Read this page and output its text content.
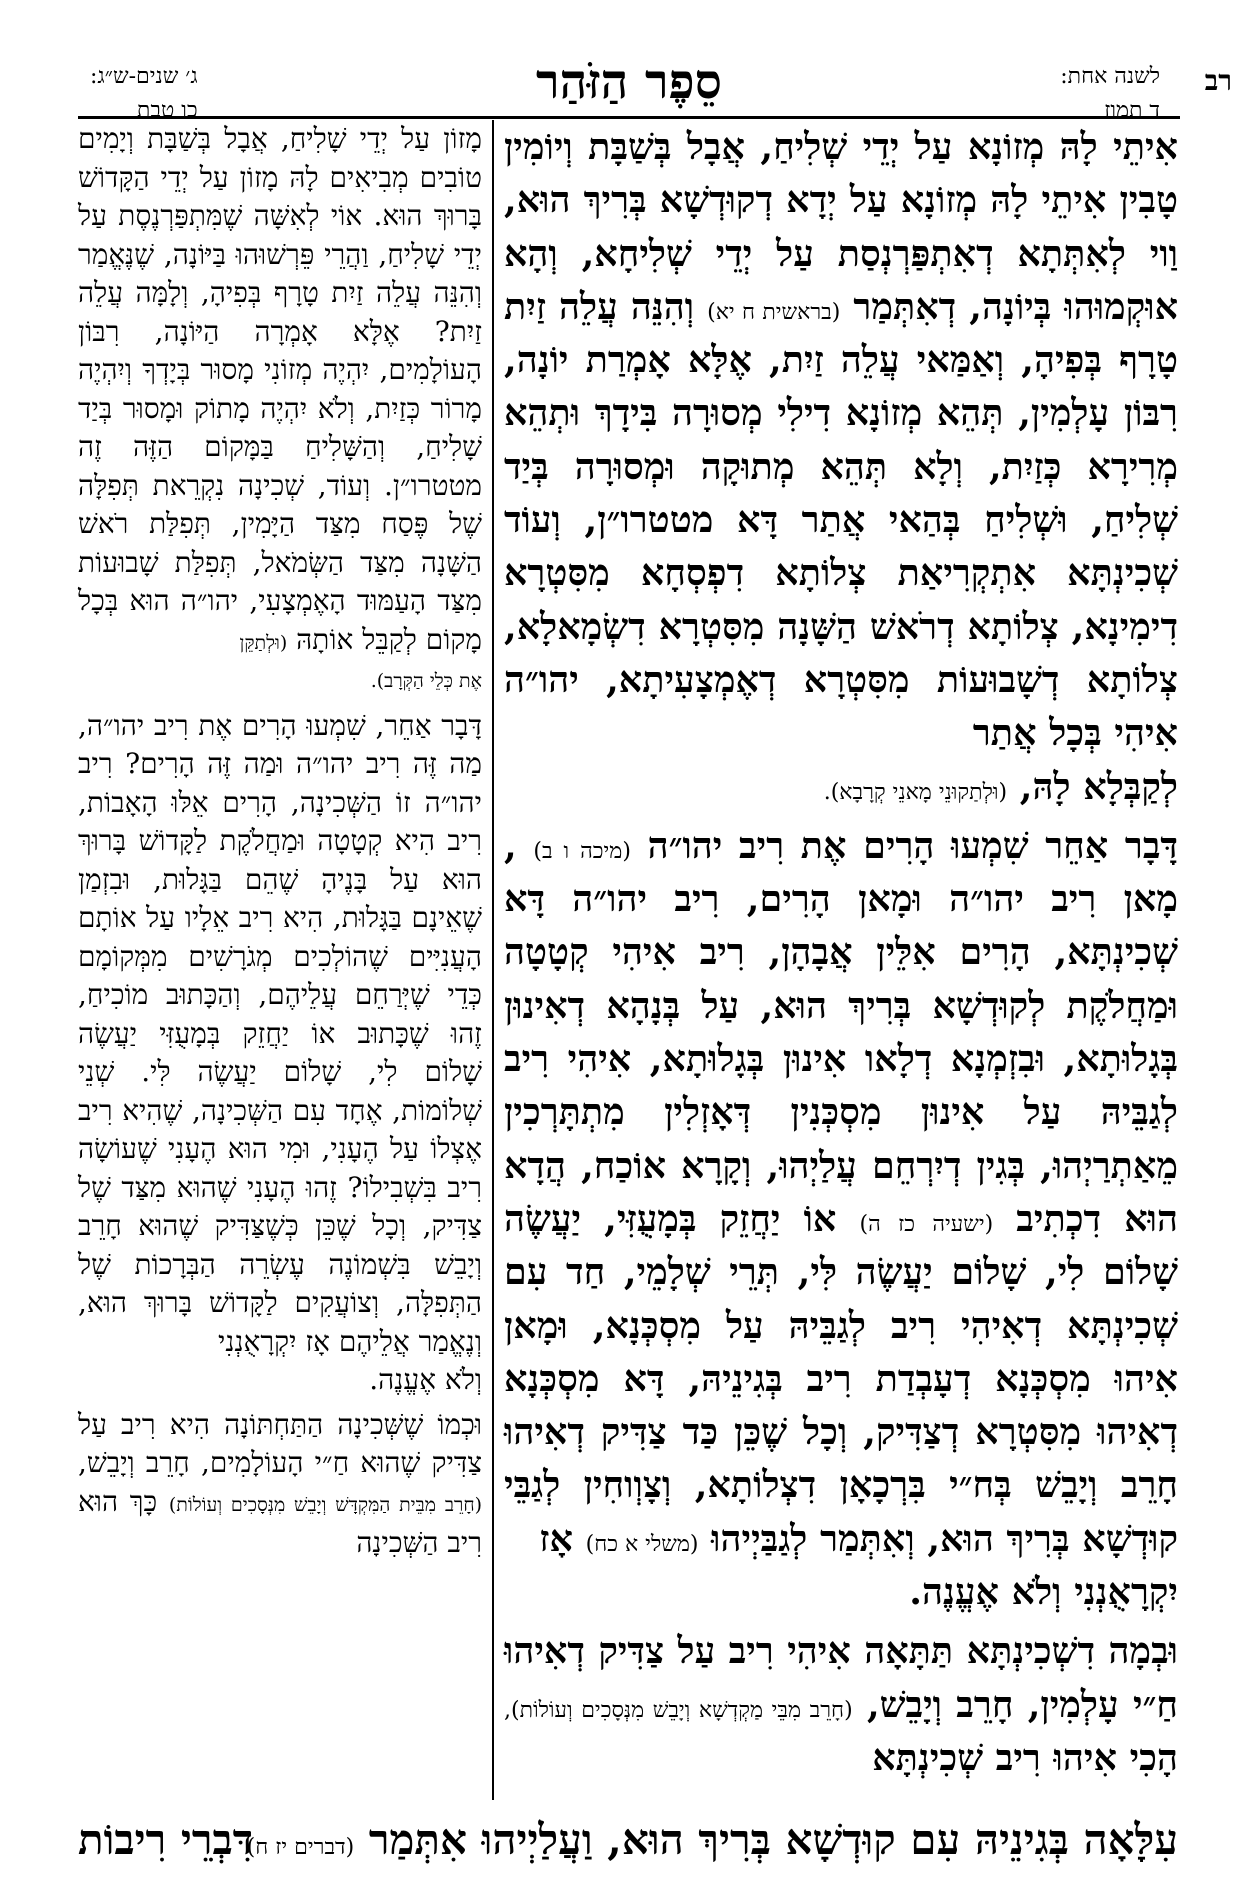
רב
לשנה אחת:
ד תמוז
סֵפֶר הַזֹּהַר
ג׳ שנים-ש״ג:
כו טבת

אִיתֵי לָהּ מְזוֹנָא עַל יְדֵי שְׁלִיחַ, אֲבָל בְּשַׁבָּת וְיוֹמִין טָבִין אִיתֵי לָהּ מְזוֹנָא עַל יְדָא דְקוּדְשָׁא בְּרִיךְ הוּא, וַוי לְאִתְּתָא דְאִתְפַּרְנְסַת עַל יְדֵי שְׁלִיחָא, וְהָא אוּקְמוּהוּ בְּיוֹנָה, דְאִתְּמַר (בראשית ח יא) וְהִנֵּה עֲלֵה זַיִת טָרָף בְּפִיהָ, וְאַמַּאי עֲלֵה זַיִת, אֶלָּא אָמְרַת יוֹנָה, רִבּוֹן עָלְמִין, תְּהֵא מְזוֹנָא דִילִי מְסוּרָה בִּידָךְ וּתְהֵא מְרִירָא כְּזַיִת, וְלָא תְּהֵא מְתוּקָה וּמְסוּרָה בְּיַד שְׁלִיחַ, וּשְׁלִיחַ בְּהַאי אֲתַר דָּא מטטרו״ן, וְעוֹד שְׁכִינְתָּא אִתְקְרִיאַת צְלוֹתָא דִפְסְחָא מִסִּטְרָא דִימִינָא, צְלוֹתָא דְרֹאשׁ הַשָּׁנָה מִסִּטְרָא דִשְׂמָאלָא, צְלוֹתָא דְשָׁבוּעוֹת מִסִּטְרָא דְאֶמְצָעִיתָא, יהו״ה אִיהִי בְּכָל אֲתַר
לְקַבְּלָא לָהּ, (וּלְתַקוּנֵי מָאנֵי קְרָבָא).

דָּבָר אַחֵר שִׁמְעוּ הָרִים אֶת רִיב יהו״ה (מיכה ו ב) , מָאן רִיב יהו״ה וּמָאן הָרִים, רִיב יהו״ה דָּא שְׁכִינְתָּא, הָרִים אִלֵּין אֲבָהָן, רִיב אִיהִי קְטָטָה וּמַחֲלֹקֶת לְקוּדְשָׁא בְּרִיךְ הוּא, עַל בְּנָהָא דְאִינוּן בְּגָלוּתָא, וּבִזְמְנָא דְלָאו אִינוּן בְּגָלוּתָא, אִיהִי רִיב לְגַבֵּיהּ עַל אִינוּן מִסְכְּנִין דְּאָזְלִין מִתְתָּרְכִין מֵאַתְרַיְהוּ, בְּגִין דְיִרְחֵם עֲלַיְהוּ, וְקָרָא אוֹכַח, הֲדָא הוּא דִכְתִיב (ישעיה כז ה) אוֹ יַחֲזֵק בְּמָעֻזִּי, יַעֲשֶׂה שָׁלוֹם לִי, שָׁלוֹם יַעֲשֶׂה לִּי, תְּרֵי שְׁלָמֵי, חַד עִם שְׁכִינְתָּא דְאִיהִי רִיב לְגַבֵּיהּ עַל מִסְכְּנָא, וּמָאן אִיהוּ מִסְכְּנָא דְעָבְדַת רִיב בְּגִינֵיהּ, דָּא מִסְכְּנָא דְאִיהוּ מִסִּטְרָא דְצַדִּיק, וְכָל שֶׁכֵּן כַּד צַדִּיק דְאִיהוּ חָרֵב וְיָבֵשׁ בְּח״י בִּרְכָאָן דִצְלוֹתָא, וְצָוְוחִין לְגַבֵּי קוּדְשָׁא בְּרִיךְ הוּא, וְאִתְּמַר לְגַבַּיְיהוּ (משלי א כח) אָז
יִקְרָאֻנְנִי וְלֹא אֶעֱנֶה.

וּבְמָה דִשְׁכִינְתָּא תַּתָּאָה אִיהִי רִיב עַל צַדִּיק דְאִיהוּ חַ״י עָלְמִין, חָרֵב וְיָבֵשׁ, (חָרֵב מִבֵּי מַקְדְשָׁא וְיָבֵשׁ מִנְּסָכִים וְעוֹלוֹת), הָכִי אִיהוּ רִיב שְׁכִינְתָּא

מָזוֹן עַל יְדֵי שָׁלִיחַ, אֲבָל בְּשַׁבָּת וְיָמִים טוֹבִים מְבִיאִים לָהּ מָזוֹן עַל יְדֵי הַקָּדוֹשׁ בָּרוּךְ הוּא. אוֹי לְאִשָּׁה שֶׁמִּתְפַּרְנֶסֶת עַל יְדֵי שָׁלִיחַ, וַהֲרֵי פֵּרְשׁוּהוּ בַּיּוֹנָה, שֶׁנֶּאֱמַר וְהִנֵּה עֲלֵה זַיִת טָרָף בְּפִיהָ, וְלָמָּה עֲלֵה זַיִת? אֶלָּא אָמְרָה הַיּוֹנָה, רִבּוֹן הָעוֹלָמִים, יִהְיֶה מְזוֹנִי מָסוּר בְּיָדְךָ וְיִהְיֶה מָרוֹר כְּזַיִת, וְלֹא יִהְיֶה מָתוֹק וּמָסוּר בְּיַד שָׁלִיחַ, וְהַשָּׁלִיחַ בַּמָּקוֹם הַזֶּה זֶה מטטרו״ן. וְעוֹד, שְׁכִינָה נִקְרֵאת תְּפִלָּה שֶׁל פֶּסַח מִצַּד הַיָּמִין, תְּפִלַּת רֹאשׁ הַשָּׁנָה מִצַּד הַשְּׂמֹאל, תְּפִלַּת שָׁבוּעוֹת מִצַּד הָעַמּוּד הָאֶמְצָעִי, יהו״ה הוּא בְּכָל מָקוֹם לְקַבֵּל אוֹתָהּ (וּלְתַקֵּן
אֶת כְּלֵי הַקְּרָב).

דָּבָר אַחֵר, שִׁמְעוּ הָרִים אֶת רִיב יהו״ה, מַה זֶּה רִיב יהו״ה וּמַה זֶּה הָרִים? רִיב יהו״ה זוֹ הַשְּׁכִינָה, הָרִים אֵלּוּ הָאָבוֹת, רִיב הִיא קְטָטָה וּמַחֲלֹקֶת לַקָּדוֹשׁ בָּרוּךְ הוּא עַל בָּנֶיהָ שֶׁהֵם בַּגָּלוּת, וּבִזְמַן שֶׁאֵינָם בַּגָּלוּת, הִיא רִיב אֵלָיו עַל אוֹתָם הָעֲנִיִּים שֶׁהוֹלְכִים מְגֹרָשִׁים מִמְּקוֹמָם כְּדֵי שֶׁיְּרַחֵם עֲלֵיהֶם, וְהַכָּתוּב מוֹכִיחַ, זֶהוּ שֶׁכָּתוּב אוֹ יַחֲזֵק בְּמָעֻזִּי יַעֲשֶׂה שָׁלוֹם לִי, שָׁלוֹם יַעֲשֶׂה לִּי. שְׁנֵי שְׁלוֹמוֹת, אֶחָד עִם הַשְּׁכִינָה, שֶׁהִיא רִיב אֶצְלוֹ עַל הֶעָנִי, וּמִי הוּא הֶעָנִי שֶׁעוֹשָׂה רִיב בִּשְׁבִילוֹ? זֶהוּ הֶעָנִי שֶׁהוּא מִצַּד שֶׁל צַדִּיק, וְכָל שֶׁכֵּן כְּשֶׁצַּדִּיק שֶׁהוּא חָרֵב וְיָבֵשׁ בִּשְׁמוֹנֶה עֶשְׂרֵה הַבְּרָכוֹת שֶׁל הַתְּפִלָּה, וְצוֹעֲקִים לַקָּדוֹשׁ בָּרוּךְ הוּא, וְנֶאֱמַר אֲלֵיהֶם אָז יִקְרָאֻנְנִי
וְלֹא אֶעֱנֶה.

וּכְמוֹ שֶׁשְּׁכִינָה הַתַּחְתּוֹנָה הִיא רִיב עַל צַדִּיק שֶׁהוּא חַ״י הָעוֹלָמִים, חָרֵב וְיָבֵשׁ, (חָרֵב מִבֵּית הַמִּקְדָּשׁ וְיָבֵשׁ מִנְּסָכִים וְעוֹלוֹת) כָּךְ הוּא רִיב הַשְּׁכִינָה

עִלָּאָה בְּגִינֵיהּ עִם קוּדְשָׁא בְּרִיךְ הוּא, וַעֲלַיְיהוּ אִתְּמַר (דברים יז ח)
דִּבְרֵי רִיבוֹת
